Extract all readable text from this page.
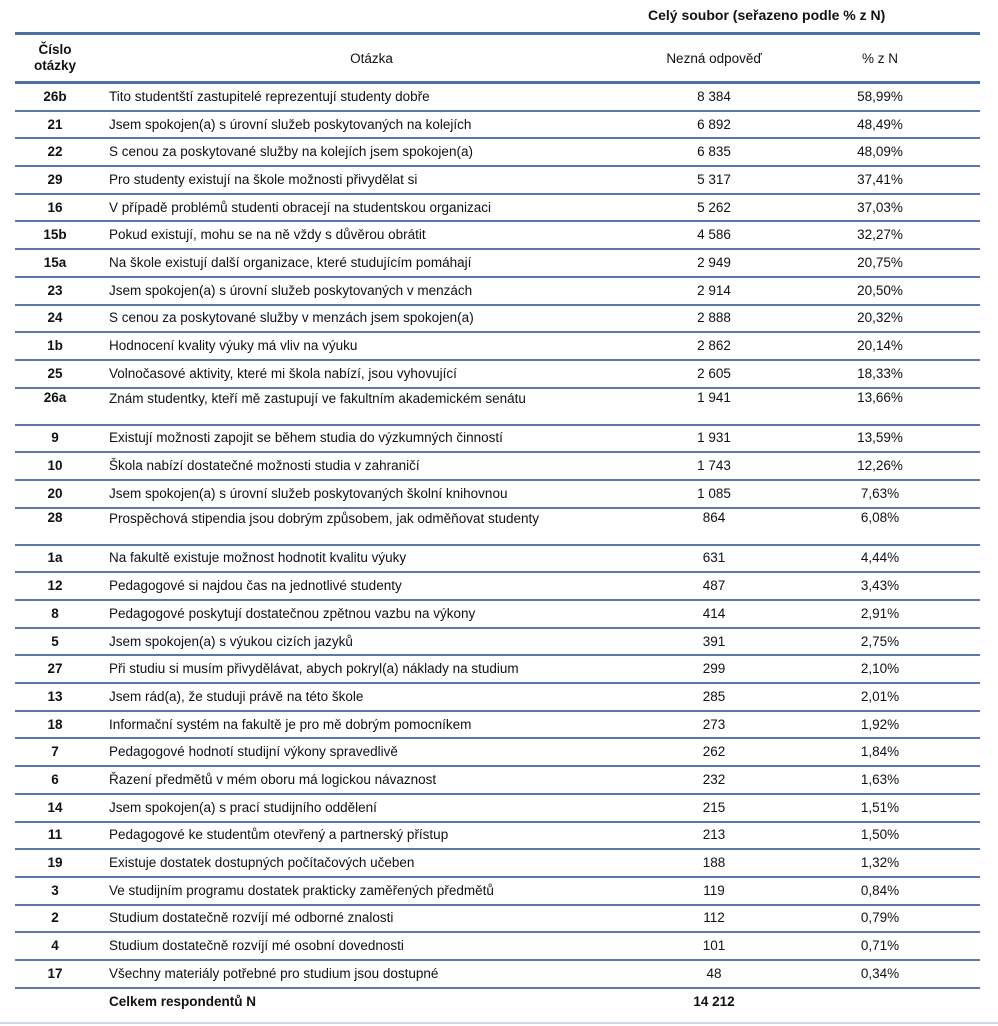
Celý soubor (seřazeno podle % z N)
Číslo otázky	Otázka	Nezná odpověď	% z N
26b	Tito studentští zastupitelé reprezentují studenty dobře	8 384	58,99%
21	Jsem spokojen(a) s úrovní služeb poskytovaných na kolejích	6 892	48,49%
22	S cenou za poskytované služby na kolejích jsem spokojen(a)	6 835	48,09%
29	Pro studenty existují na škole možnosti přivydělat si	5 317	37,41%
16	V případě problémů studenti obracejí na studentskou organizaci	5 262	37,03%
15b	Pokud existují, mohu se na ně vždy s důvěrou obrátit	4 586	32,27%
15a	Na škole existují další organizace, které studujícím pomáhají	2 949	20,75%
23	Jsem spokojen(a) s úrovní služeb poskytovaných v menzách	2 914	20,50%
24	S cenou za poskytované služby v menzách jsem spokojen(a)	2 888	20,32%
1b	Hodnocení kvality výuky má vliv na výuku	2 862	20,14%
25	Volnočasové aktivity, které mi škola nabízí, jsou vyhovující	2 605	18,33%
26a	Znám studentky, kteří mě zastupují ve fakultním akademickém senátu	1 941	13,66%
9	Existují možnosti zapojit se během studia do výzkumných činností	1 931	13,59%
10	Škola nabízí dostatečné možnosti studia v zahraničí	1 743	12,26%
20	Jsem spokojen(a) s úrovní služeb poskytovaných školní knihovnou	1 085	7,63%
28	Prospěchová stipendia jsou dobrým způsobem, jak odměňovat studenty	864	6,08%
1a	Na fakultě existuje možnost hodnotit kvalitu výuky	631	4,44%
12	Pedagogové si najdou čas na jednotlivé studenty	487	3,43%
8	Pedagogové poskytují dostatečnou zpětnou vazbu na výkony	414	2,91%
5	Jsem spokojen(a) s výukou cizích jazyků	391	2,75%
27	Při studiu si musím přivydělávat, abych pokryl(a) náklady na studium	299	2,10%
13	Jsem rád(a), že studuji právě na této škole	285	2,01%
18	Informační systém na fakultě je pro mě dobrým pomocníkem	273	1,92%
7	Pedagogové hodnotí studijní výkony spravedlivě	262	1,84%
6	Řazení předmětů v mém oboru má logickou návaznost	232	1,63%
14	Jsem spokojen(a) s prací studijního oddělení	215	1,51%
11	Pedagogové ke studentům otevřený a partnerský přístup	213	1,50%
19	Existuje dostatek dostupných počítačových učeben	188	1,32%
3	Ve studijním programu dostatek prakticky zaměřených předmětů	119	0,84%
2	Studium dostatečně rozvíjí mé odborné znalosti	112	0,79%
4	Studium dostatečně rozvíjí mé osobní dovednosti	101	0,71%
17	Všechny materiály potřebné pro studium jsou dostupné	48	0,34%
	Celkem respondentů N	14 212	
